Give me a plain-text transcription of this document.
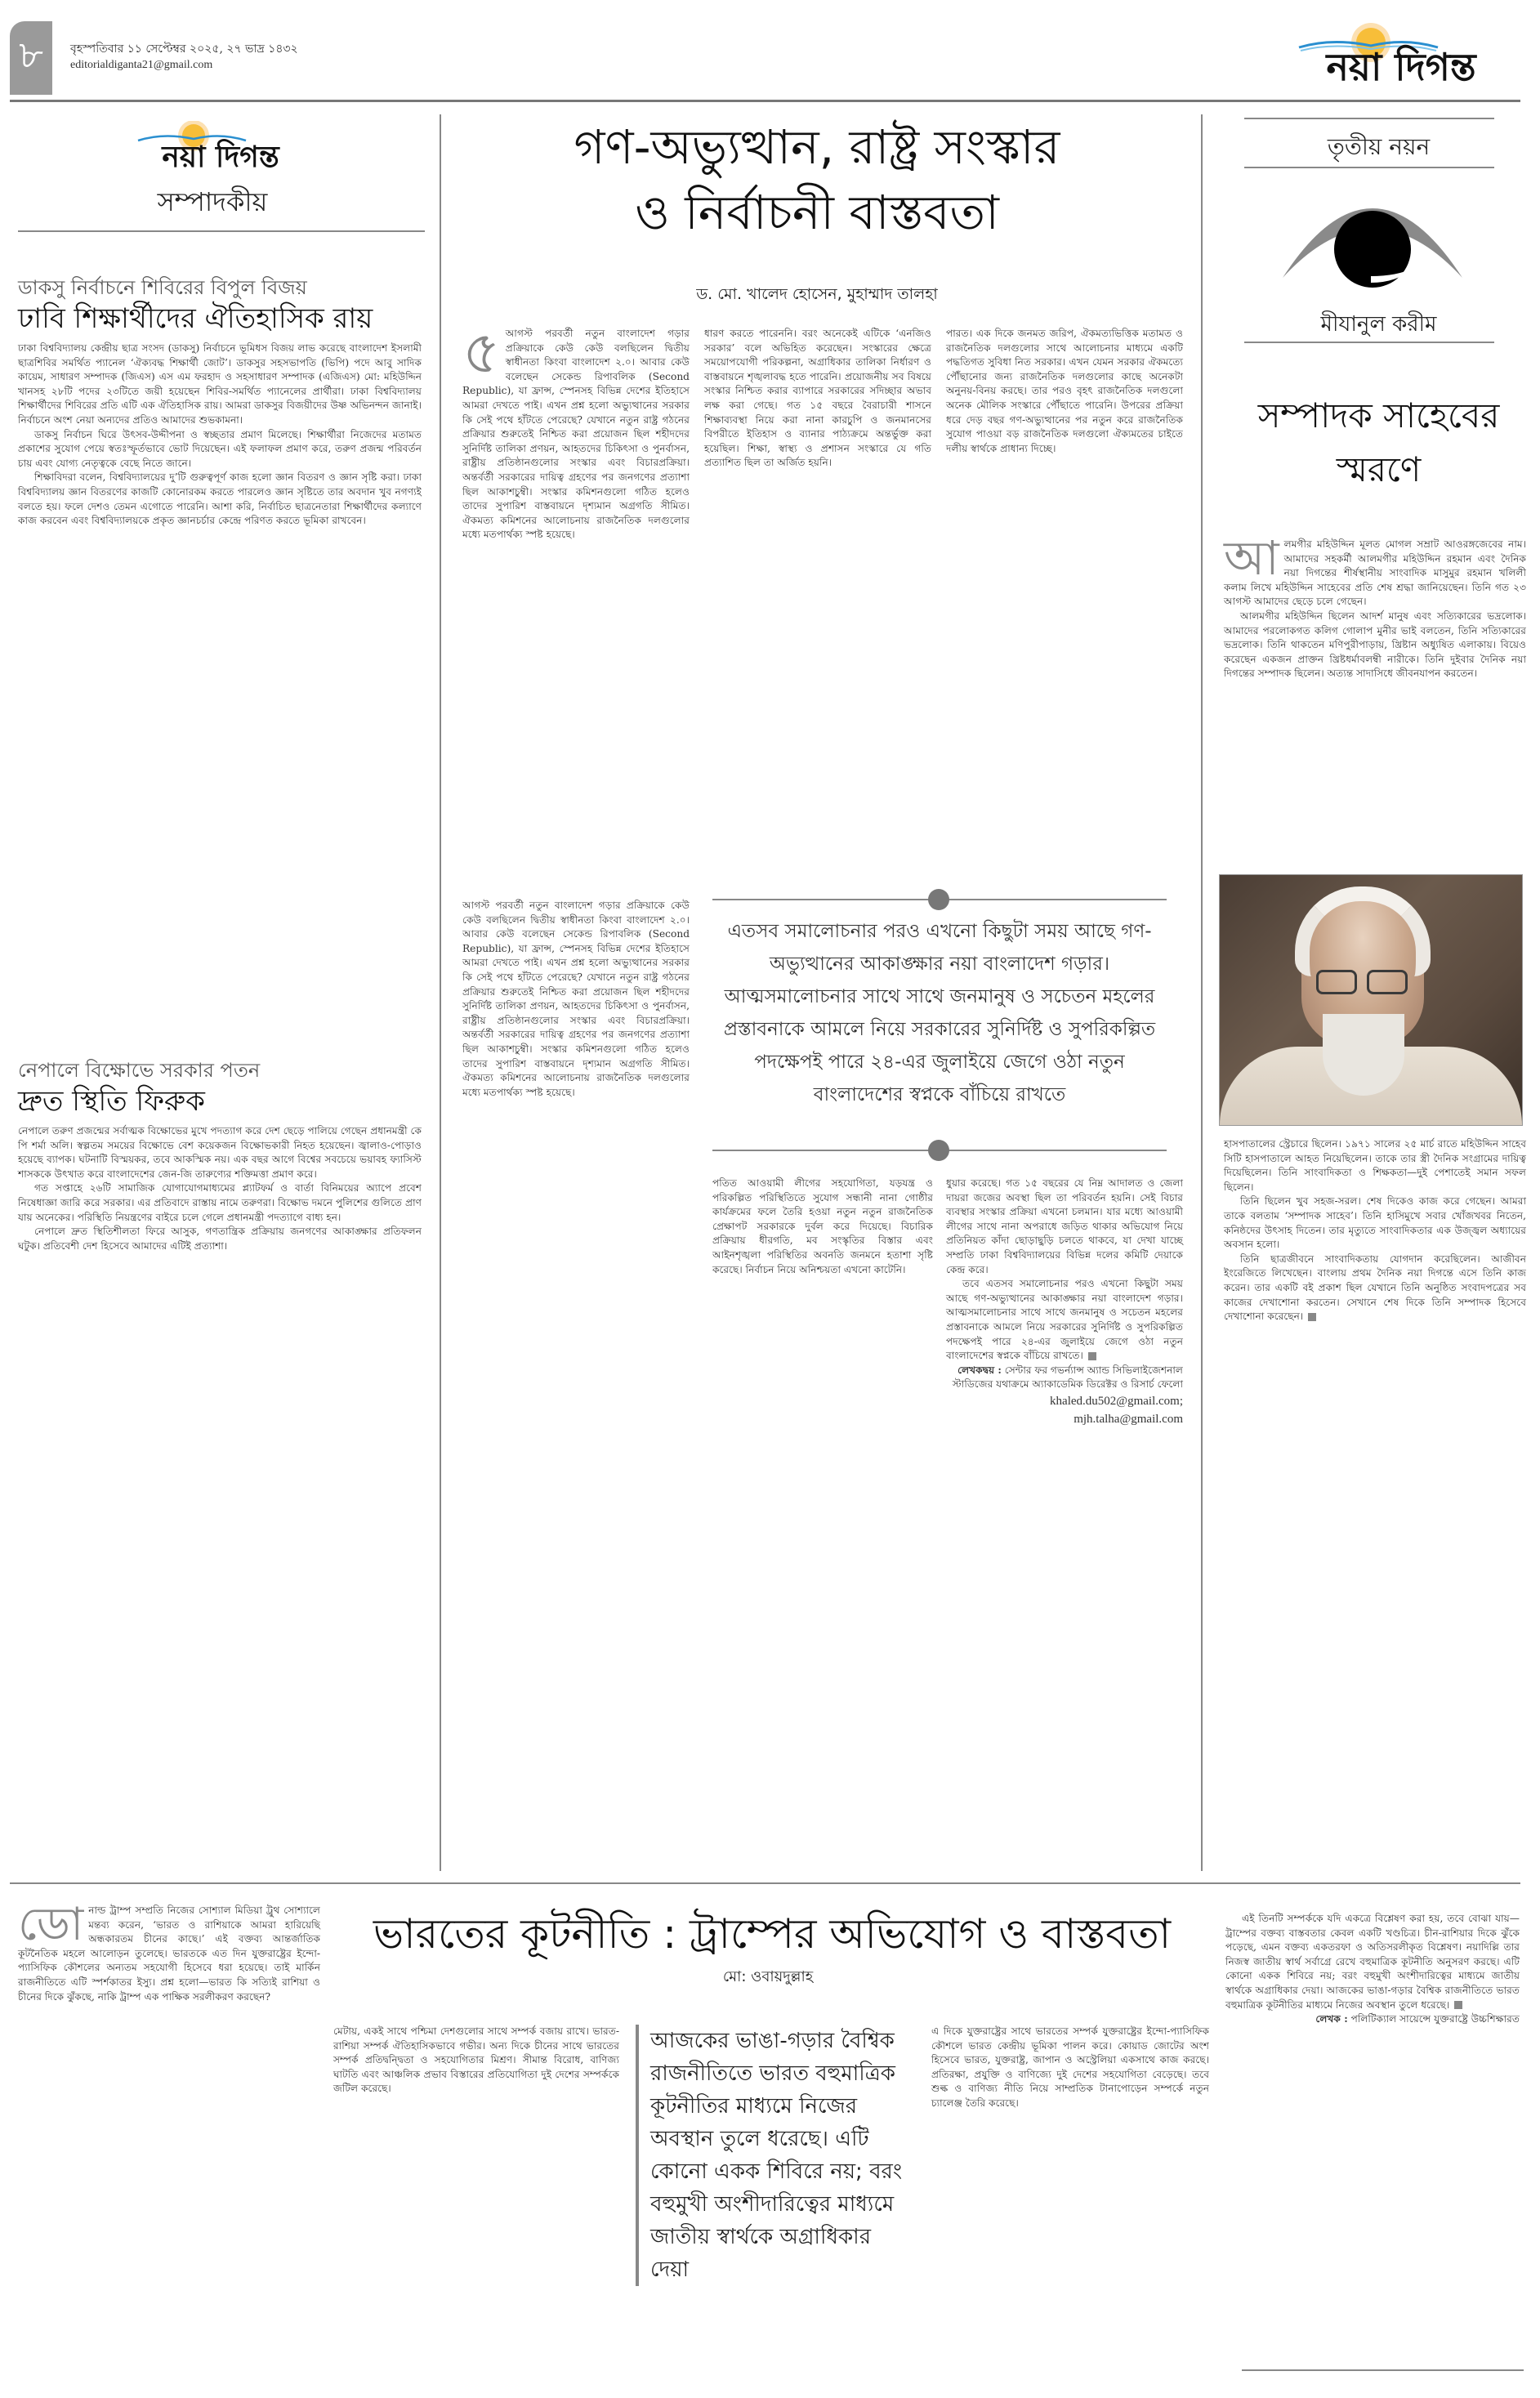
৮ বৃহস্পতিবার ১১ সেপ্টেম্বর ২০২৫, ২৭ ভাদ্র ১৪৩২
editorialdiganta21@gmail.com	নয়া দিগন্ত
নয়া দিগন্ত
সম্পাদকীয়
ডাকসু নির্বাচনে শিবিরের বিপুল বিজয়
ঢাবি শিক্ষার্থীদের ঐতিহাসিক রায়

ঢাকা বিশ্ববিদ্যালয় কেন্দ্রীয় ছাত্র সংসদ (ডাকসু) নির্বাচনে ভূমিধস বিজয় লাভ করেছে বাংলাদেশ ইসলামী ছাত্রশিবির সমর্থিত প্যানেল ‘ঐক্যবদ্ধ শিক্ষার্থী জোট’। ডাকসুর সহসভাপতি (ভিপি) পদে আবু সাদিক কায়েম, সাধারণ সম্পাদক (জিএস) এস এম ফরহাদ ও সহসাধারণ সম্পাদক (এজিএস) মো: মহিউদ্দিন খানসহ ২৮টি পদের ২৩টিতে জয়ী হয়েছেন শিবির-সমর্থিত প্যানেলের প্রার্থীরা। ঢাকা বিশ্ববিদ্যালয় শিক্ষার্থীদের শিবিরের প্রতি এটি এক ঐতিহাসিক রায়। আমরা ডাকসুর বিজয়ীদের উষ্ণ অভিনন্দন জানাই। নির্বাচনে অংশ নেয়া অন্যদের প্রতিও আমাদের শুভকামনা।

ডাকসু নির্বাচন ঘিরে উৎসব-উদ্দীপনা ও স্বচ্ছতার প্রমাণ মিলেছে। শিক্ষার্থীরা নিজেদের মতামত প্রকাশের সুযোগ পেয়ে স্বতঃস্ফূর্তভাবে ভোট দিয়েছেন। এই ফলাফল প্রমাণ করে, তরুণ প্রজন্ম পরিবর্তন চায় এবং যোগ্য নেতৃত্বকে বেছে নিতে জানে।

শিক্ষাবিদরা বলেন, বিশ্ববিদ্যালয়ের দু’টি গুরুত্বপূর্ণ কাজ হলো জ্ঞান বিতরণ ও জ্ঞান সৃষ্টি করা। ঢাকা বিশ্ববিদ্যালয় জ্ঞান বিতরণের কাজটি কোনোরকম করতে পারলেও জ্ঞান সৃষ্টিতে তার অবদান খুব নগণ্যই বলতে হয়। ফলে দেশও তেমন এগোতে পারেনি। আশা করি, নির্বাচিত ছাত্রনেতারা শিক্ষার্থীদের কল্যাণে কাজ করবেন এবং বিশ্ববিদ্যালয়কে প্রকৃত জ্ঞানচর্চার কেন্দ্রে পরিণত করতে ভূমিকা রাখবেন।

নেপালে বিক্ষোভে সরকার পতন
দ্রুত স্থিতি ফিরুক

নেপালে তরুণ প্রজন্মের সর্বাত্মক বিক্ষোভের মুখে পদত্যাগ করে দেশ ছেড়ে পালিয়ে গেছেন প্রধানমন্ত্রী কে পি শর্মা অলি। স্বল্পতম সময়ের বিক্ষোভে বেশ কয়েকজন বিক্ষোভকারী নিহত হয়েছেন। জ্বালাও-পোড়াও হয়েছে ব্যাপক। ঘটনাটি বিস্ময়কর, তবে আকস্মিক নয়। এক বছর আগে বিশ্বের সবচেয়ে ভয়াবহ ফ্যাসিস্ট শাসককে উৎখাত করে বাংলাদেশের জেন-জি তারুণ্যের শক্তিমত্তা প্রমাণ করে।

গত সপ্তাহে ২৬টি সামাজিক যোগাযোগমাধ্যমের প্ল্যাটফর্ম ও বার্তা বিনিময়ের অ্যাপে প্রবেশ নিষেধাজ্ঞা জারি করে সরকার। এর প্রতিবাদে রাস্তায় নামে তরুণরা। বিক্ষোভ দমনে পুলিশের গুলিতে প্রাণ যায় অনেকের। পরিস্থিতি নিয়ন্ত্রণের বাইরে চলে গেলে প্রধানমন্ত্রী পদত্যাগে বাধ্য হন।

নেপালে দ্রুত স্থিতিশীলতা ফিরে আসুক, গণতান্ত্রিক প্রক্রিয়ায় জনগণের আকাঙ্ক্ষার প্রতিফলন ঘটুক। প্রতিবেশী দেশ হিসেবে আমাদের এটিই প্রত্যাশা।

গণ-অভ্যুত্থান, রাষ্ট্র সংস্কার
ও নির্বাচনী বাস্তবতা
ড. মো. খালেদ হোসেন, মুহাম্মাদ তালহা
৫ আগস্ট পরবর্তী নতুন বাংলাদেশ গড়ার প্রক্রিয়াকে কেউ কেউ বলছিলেন দ্বিতীয় স্বাধীনতা কিংবা বাংলাদেশ ২.০। আবার কেউ বলেছেন সেকেন্ড রিপাবলিক (Second Republic), যা ফ্রান্স, স্পেনসহ বিভিন্ন দেশের ইতিহাসে আমরা দেখতে পাই। এখন প্রশ্ন হলো অভ্যুত্থানের সরকার কি সেই পথে হাঁটতে পেরেছে? যেখানে নতুন রাষ্ট্র গঠনের প্রক্রিয়ার শুরুতেই নিশ্চিত করা প্রয়োজন ছিল শহীদদের সুনির্দিষ্ট তালিকা প্রণয়ন, আহতদের চিকিৎসা ও পুনর্বাসন, রাষ্ট্রীয় প্রতিষ্ঠানগুলোর সংস্কার এবং বিচারপ্রক্রিয়া। অন্তর্বর্তী সরকারের দায়িত্ব গ্রহণের পর জনগণের প্রত্যাশা ছিল আকাশচুম্বী। সংস্কার কমিশনগুলো গঠিত হলেও তাদের সুপারিশ বাস্তবায়নে দৃশ্যমান অগ্রগতি সীমিত। ঐকমত্য কমিশনের আলোচনায় রাজনৈতিক দলগুলোর মধ্যে মতপার্থক্য স্পষ্ট হয়েছে।
ধারণ করতে পারেননি। বরং অনেকেই এটিকে ‘এনজিও সরকার’ বলে অভিহিত করেছেন। সংস্কারের ক্ষেত্রে সময়োপযোগী পরিকল্পনা, অগ্রাধিকার তালিকা নির্ধারণ ও বাস্তবায়নে শৃঙ্খলাবদ্ধ হতে পারেনি। প্রয়োজনীয় সব বিষয়ে সংস্কার নিশ্চিত করার ব্যাপারে সরকারের সদিচ্ছার অভাব লক্ষ করা গেছে। গত ১৫ বছরে বৈরাচারী শাসনে শিক্ষাব্যবস্থা নিয়ে করা নানা কারচুপি ও জনমানসের বিপরীতে ইতিহাস ও ব্যানার পাঠ্যক্রমে অন্তর্ভুক্ত করা হয়েছিল। শিক্ষা, স্বাস্থ্য ও প্রশাসন সংস্কারে যে গতি প্রত্যাশিত ছিল তা অর্জিত হয়নি।
পারত। এক দিকে জনমত জরিপ, ঐকমত্যভিত্তিক মতামত ও রাজনৈতিক দলগুলোর সাথে আলোচনার মাধ্যমে একটি পদ্ধতিগত সুবিধা নিত সরকার। এখন যেমন সরকার ঐকমত্যে পৌঁছানোর জন্য রাজনৈতিক দলগুলোর কাছে অনেকটা অনুনয়-বিনয় করছে। তার পরও বৃহৎ রাজনৈতিক দলগুলো অনেক মৌলিক সংস্কারে পৌঁছাতে পারেনি। উপরের প্রক্রিয়া ধরে দেড় বছর গণ-অভ্যুত্থানের পর নতুন করে রাজনৈতিক সুযোগ পাওয়া বড় রাজনৈতিক দলগুলো ঐক্যমতের চাইতে দলীয় স্বার্থকে প্রাধান্য দিচ্ছে।
এতসব সমালোচনার পরও এখনো কিছুটা সময় আছে গণ-অভ্যুত্থানের আকাঙ্ক্ষার নয়া বাংলাদেশ গড়ার। আত্মসমালোচনার সাথে সাথে জনমানুষ ও সচেতন মহলের প্রস্তাবনাকে আমলে নিয়ে সরকারের সুনির্দিষ্ট ও সুপরিকল্পিত পদক্ষেপই পারে ২৪-এর জুলাইয়ে জেগে ওঠা নতুন বাংলাদেশের স্বপ্নকে বাঁচিয়ে রাখতে
আগস্ট পরবর্তী নতুন বাংলাদেশ গড়ার প্রক্রিয়াকে কেউ কেউ বলছিলেন দ্বিতীয় স্বাধীনতা কিংবা বাংলাদেশ ২.০। আবার কেউ বলেছেন সেকেন্ড রিপাবলিক (Second Republic), যা ফ্রান্স, স্পেনসহ বিভিন্ন দেশের ইতিহাসে আমরা দেখতে পাই। এখন প্রশ্ন হলো অভ্যুত্থানের সরকার কি সেই পথে হাঁটতে পেরেছে? যেখানে নতুন রাষ্ট্র গঠনের প্রক্রিয়ার শুরুতেই নিশ্চিত করা প্রয়োজন ছিল শহীদদের সুনির্দিষ্ট তালিকা প্রণয়ন, আহতদের চিকিৎসা ও পুনর্বাসন, রাষ্ট্রীয় প্রতিষ্ঠানগুলোর সংস্কার এবং বিচারপ্রক্রিয়া। অন্তর্বর্তী সরকারের দায়িত্ব গ্রহণের পর জনগণের প্রত্যাশা ছিল আকাশচুম্বী। সংস্কার কমিশনগুলো গঠিত হলেও তাদের সুপারিশ বাস্তবায়নে দৃশ্যমান অগ্রগতি সীমিত। ঐকমত্য কমিশনের আলোচনায় রাজনৈতিক দলগুলোর মধ্যে মতপার্থক্য স্পষ্ট হয়েছে।
পতিত আওয়ামী লীগের সহযোগিতা, যড়যন্ত্র ও পরিকল্পিত পরিস্থিতিতে সুযোগ সন্ধানী নানা গোষ্ঠীর কার্যক্রমের ফলে তৈরি হওয়া নতুন নতুন রাজনৈতিক প্রেক্ষাপট সরকারকে দুর্বল করে দিয়েছে। বিচারিক প্রক্রিয়ায় ধীরগতি, মব সংস্কৃতির বিস্তার এবং আইনশৃঙ্খলা পরিস্থিতির অবনতি জনমনে হতাশা সৃষ্টি করেছে। নির্বাচন নিয়ে অনিশ্চয়তা এখনো কাটেনি।

ধুয়ার করেছে। গত ১৫ বছরের যে নিম্ন আদালত ও জেলা দায়রা জজের অবস্থা ছিল তা পরিবর্তন হয়নি। সেই বিচার ব্যবস্থার সংস্কার প্রক্রিয়া এখনো চলমান। যার মধ্যে আওয়ামী লীগের সাথে নানা অপরাধে জড়িত থাকার অভিযোগ নিয়ে প্রতিনিয়ত কাঁদা ছোড়াছুড়ি চলতে থাকবে, যা দেখা যাচ্ছে সম্প্রতি ঢাকা বিশ্ববিদ্যালয়ের বিভিন্ন দলের কমিটি দেয়াকে কেন্দ্র করে।

তবে এতসব সমালোচনার পরও এখনো কিছুটা সময় আছে গণ-অভ্যুত্থানের আকাঙ্ক্ষার নয়া বাংলাদেশ গড়ার। আত্মসমালোচনার সাথে সাথে জনমানুষ ও সচেতন মহলের প্রস্তাবনাকে আমলে নিয়ে সরকারের সুনির্দিষ্ট ও সুপরিকল্পিত পদক্ষেপই পারে ২৪-এর জুলাইয়ে জেগে ওঠা নতুন বাংলাদেশের স্বপ্নকে বাঁচিয়ে রাখতে।

লেখকদ্বয় : সেন্টার ফর গভর্ন্যান্স অ্যান্ড সিভিলাইজেশনাল স্টাডিজের যথাক্রমে অ্যাকাডেমিক ডিরেক্টর ও রিসার্চ ফেলো

khaled.du502@gmail.com;

mjh.talha@gmail.com

তৃতীয় নয়ন
মীযানুল করীম
সম্পাদক সাহেবের
স্মরণে

আলমগীর মহিউদ্দিন মূলত মোগল সম্রাট আওরঙ্গজেবের নাম। আমাদের সহকর্মী আলমগীর মহিউদ্দিন রহমান এবং দৈনিক নয়া দিগন্তের শীর্ষস্থানীয় সাংবাদিক মাসুমুর রহমান খলিলী কলাম লিখে মহিউদ্দিন সাহেবের প্রতি শেষ শ্রদ্ধা জানিয়েছেন। তিনি গত ২৩ আগস্ট আমাদের ছেড়ে চলে গেছেন।

আলমগীর মহিউদ্দিন ছিলেন আদর্শ মানুষ এবং সত্যিকারের ভদ্রলোক। আমাদের পরলোকগত কলিগ গোলাপ মুনীর ভাই বলতেন, তিনি সত্যিকারের ভদ্রলোক। তিনি থাকতেন মণিপুরীপাড়ায়, খ্রিষ্টান অধ্যুষিত এলাকায়। বিয়েও করেছেন একজন প্রাক্তন খ্রিষ্টধর্মাবলম্বী নারীকে। তিনি দুইবার দৈনিক নয়া দিগন্তের সম্পাদক ছিলেন। অত্যন্ত সাদাসিধে জীবনযাপন করতেন।

হাসপাতালের স্ট্রেচারে ছিলেন। ১৯৭১ সালের ২৫ মার্চ রাতে মহিউদ্দিন সাহেব সিটি হাসপাতালে আহত নিয়েছিলেন। তাকে তার স্ত্রী দৈনিক সংগ্রামের দায়িত্ব দিয়েছিলেন। তিনি সাংবাদিকতা ও শিক্ষকতা—দুই পেশাতেই সমান সফল ছিলেন।

তিনি ছিলেন খুব সহজ-সরল। শেষ দিকেও কাজ করে গেছেন। আমরা তাকে বলতাম ‘সম্পাদক সাহেব’। তিনি হাসিমুখে সবার খোঁজখবর নিতেন, কনিষ্ঠদের উৎসাহ দিতেন। তার মৃত্যুতে সাংবাদিকতার এক উজ্জ্বল অধ্যায়ের অবসান হলো।

তিনি ছাত্রজীবনে সাংবাদিকতায় যোগদান করেছিলেন। আজীবন ইংরেজিতে লিখেছেন। বাংলায় প্রথম দৈনিক নয়া দিগন্তে এসে তিনি কাজ করেন। তার একটি বই প্রকাশ ছিল যেখানে তিনি অনুষ্ঠিত সংবাদপত্রের সব কাজের দেখাশোনা করতেন। সেখানে শেষ দিকে তিনি সম্পাদক হিসেবে দেখাশোনা করেছেন।

ভারতের কূটনীতি : ট্রাম্পের অভিযোগ ও বাস্তবতা
মো: ওবায়দুল্লাহ
ডো নাল্ড ট্রাম্প সম্প্রতি নিজের সোশ্যাল মিডিয়া ট্রুথ সোশ্যালে মন্তব্য করেন, ‘ভারত ও রাশিয়াকে আমরা হারিয়েছি অন্ধকারতম চীনের কাছে।’ এই বক্তব্য আন্তর্জাতিক কূটনৈতিক মহলে আলোড়ন তুলেছে। ভারতকে এত দিন যুক্তরাষ্ট্রের ইন্দো-প্যাসিফিক কৌশলের অন্যতম সহযোগী হিসেবে ধরা হয়েছে। তাই মার্কিন রাজনীতিতে এটি স্পর্শকাতর ইস্যু। প্রশ্ন হলো—ভারত কি সত্যিই রাশিয়া ও চীনের দিকে ঝুঁকছে, নাকি ট্রাম্প এক পাক্ষিক সরলীকরণ করছেন?
মেটায়, একই সাথে পশ্চিমা দেশগুলোর সাথে সম্পর্ক বজায় রাখে। ভারত-রাশিয়া সম্পর্ক ঐতিহাসিকভাবে গভীর। অন্য দিকে চীনের সাথে ভারতের সম্পর্ক প্রতিদ্বন্দ্বিতা ও সহযোগিতার মিশ্রণ। সীমান্ত বিরোধ, বাণিজ্য ঘাটতি এবং আঞ্চলিক প্রভাব বিস্তারের প্রতিযোগিতা দুই দেশের সম্পর্ককে জটিল করেছে।
আজকের ভাঙা-গড়ার বৈশ্বিক রাজনীতিতে ভারত বহুমাত্রিক কূটনীতির মাধ্যমে নিজের অবস্থান তুলে ধরেছে। এটি কোনো একক শিবিরে নয়; বরং বহুমুখী অংশীদারিত্বের মাধ্যমে জাতীয় স্বার্থকে অগ্রাধিকার দেয়া
এ দিকে যুক্তরাষ্ট্রের সাথে ভারতের সম্পর্ক যুক্তরাষ্ট্রের ইন্দো-প্যাসিফিক কৌশলে ভারত কেন্দ্রীয় ভূমিকা পালন করে। কোয়াড জোটের অংশ হিসেবে ভারত, যুক্তরাষ্ট্র, জাপান ও অস্ট্রেলিয়া একসাথে কাজ করছে। প্রতিরক্ষা, প্রযুক্তি ও বাণিজ্যে দুই দেশের সহযোগিতা বেড়েছে। তবে শুল্ক ও বাণিজ্য নীতি নিয়ে সাম্প্রতিক টানাপোড়েন সম্পর্কে নতুন চ্যালেঞ্জ তৈরি করেছে।

এই তিনটি সম্পর্ককে যদি একত্রে বিশ্লেষণ করা হয়, তবে বোঝা যায়—ট্রাম্পের বক্তব্য বাস্তবতার কেবল একটি খণ্ডচিত্র। চীন-রাশিয়ার দিকে ঝুঁকে পড়েছে, এমন বক্তব্য একতরফা ও অতিসরলীকৃত বিশ্লেষণ। নয়াদিল্লি তার নিজস্ব জাতীয় স্বার্থ সর্বাগ্রে রেখে বহুমাত্রিক কূটনীতি অনুসরণ করছে। এটি কোনো একক শিবিরে নয়; বরং বহুমুখী অংশীদারিত্বের মাধ্যমে জাতীয় স্বার্থকে অগ্রাধিকার দেয়া। আজকের ভাঙা-গড়ার বৈশ্বিক রাজনীতিতে ভারত বহুমাত্রিক কূটনীতির মাধ্যমে নিজের অবস্থান তুলে ধরেছে।

লেখক : পলিটিক্যাল সায়েন্সে যুক্তরাষ্ট্রে উচ্চশিক্ষারত
